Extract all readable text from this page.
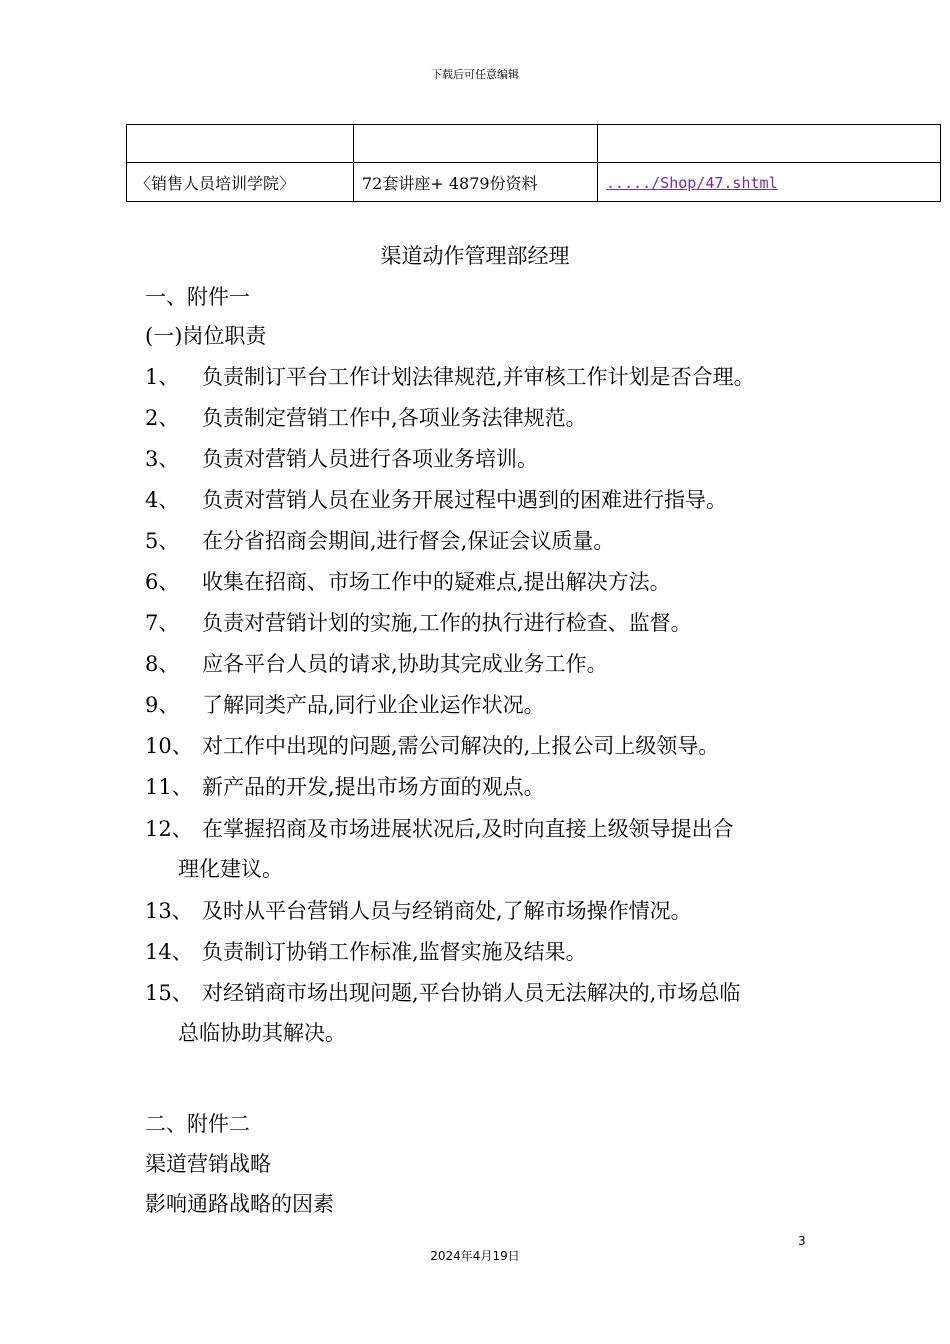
下载后可任意编辑

〈销售人员培训学院〉	72套讲座+ 4879份资料	...../Shop/47.shtml
渠道动作管理部经理
一、附件一
(一)岗位职责
1、 负责制订平台工作计划法律规范,并审核工作计划是否合理。
2、 负责制定营销工作中,各项业务法律规范。
3、 负责对营销人员进行各项业务培训。
4、 负责对营销人员在业务开展过程中遇到的困难进行指导。
5、 在分省招商会期间,进行督会,保证会议质量。
6、 收集在招商、市场工作中的疑难点,提出解决方法。
7、 负责对营销计划的实施,工作的执行进行检查、监督。
8、 应各平台人员的请求,协助其完成业务工作。
9、 了解同类产品,同行业企业运作状况。
10、 对工作中出现的问题,需公司解决的,上报公司上级领导。
11、 新产品的开发,提出市场方面的观点。
12、 在掌握招商及市场进展状况后,及时向直接上级领导提出合
理化建议。
13、 及时从平台营销人员与经销商处,了解市场操作情况。
14、 负责制订协销工作标准,监督实施及结果。
15、 对经销商市场出现问题,平台协销人员无法解决的,市场总临
总临协助其解决。
二、附件二
渠道营销战略
影响通路战略的因素
3
2024年4月19日
